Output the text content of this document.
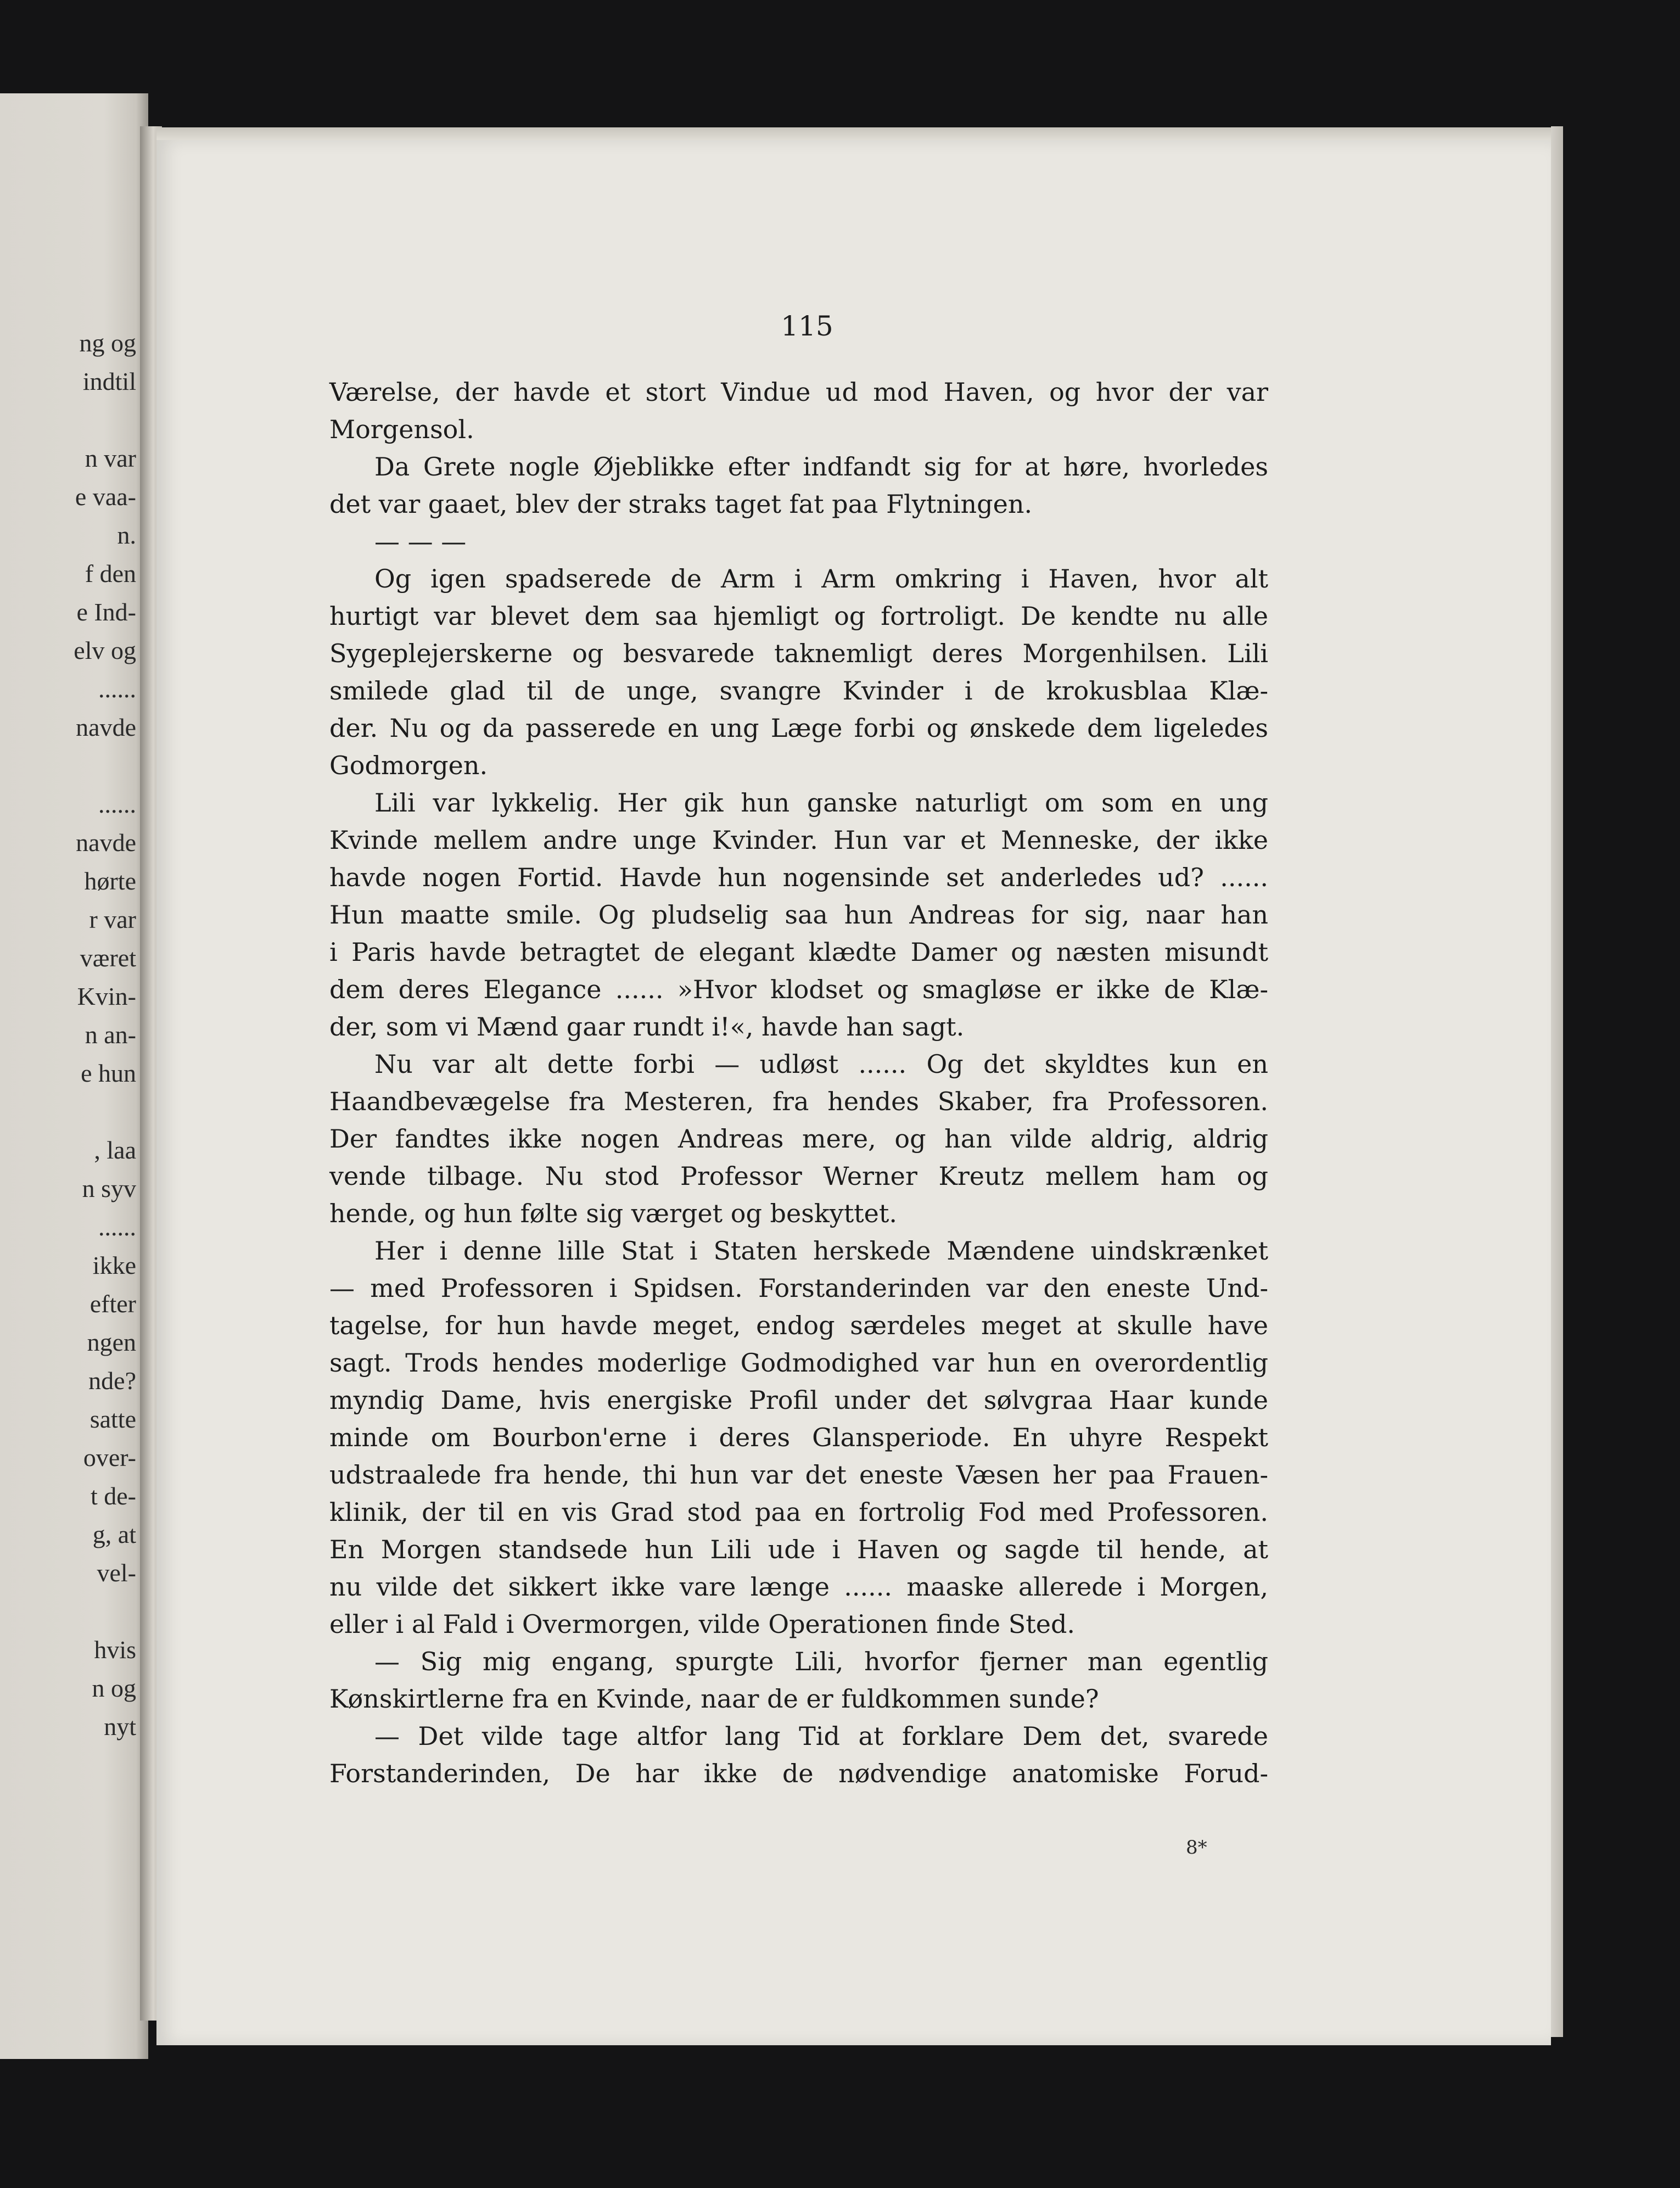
ng og
indtil
n var
e vaa-
n.
f den
e Ind-
elv og
......
navde
......
navde
hørte
r var
været
Kvin-
n an-
e hun
, laa
n syv
......
ikke
efter
ngen
nde?
satte
over-
t de-
g, at
vel-
hvis
n og
nyt
115
Værelse, der havde et stort Vindue ud mod Haven, og hvor der var
Morgensol.
Da Grete nogle Øjeblikke efter indfandt sig for at høre, hvorledes
det var gaaet, blev der straks taget fat paa Flytningen.
— — —
Og igen spadserede de Arm i Arm omkring i Haven, hvor alt
hurtigt var blevet dem saa hjemligt og fortroligt. De kendte nu alle
Sygeplejerskerne og besvarede taknemligt deres Morgenhilsen. Lili
smilede glad til de unge, svangre Kvinder i de krokusblaa Klæ-
der. Nu og da passerede en ung Læge forbi og ønskede dem ligeledes
Godmorgen.
Lili var lykkelig. Her gik hun ganske naturligt om som en ung
Kvinde mellem andre unge Kvinder. Hun var et Menneske, der ikke
havde nogen Fortid. Havde hun nogensinde set anderledes ud? ......
Hun maatte smile. Og pludselig saa hun Andreas for sig, naar han
i Paris havde betragtet de elegant klædte Damer og næsten misundt
dem deres Elegance ...... »Hvor klodset og smagløse er ikke de Klæ-
der, som vi Mænd gaar rundt i!«, havde han sagt.
Nu var alt dette forbi — udløst ...... Og det skyldtes kun en
Haandbevægelse fra Mesteren, fra hendes Skaber, fra Professoren.
Der fandtes ikke nogen Andreas mere, og han vilde aldrig, aldrig
vende tilbage. Nu stod Professor Werner Kreutz mellem ham og
hende, og hun følte sig værget og beskyttet.
Her i denne lille Stat i Staten herskede Mændene uindskrænket
— med Professoren i Spidsen. Forstanderinden var den eneste Und-
tagelse, for hun havde meget, endog særdeles meget at skulle have
sagt. Trods hendes moderlige Godmodighed var hun en overordentlig
myndig Dame, hvis energiske Profil under det sølvgraa Haar kunde
minde om Bourbon'erne i deres Glansperiode. En uhyre Respekt
udstraalede fra hende, thi hun var det eneste Væsen her paa Frauen-
klinik, der til en vis Grad stod paa en fortrolig Fod med Professoren.
En Morgen standsede hun Lili ude i Haven og sagde til hende, at
nu vilde det sikkert ikke vare længe ...... maaske allerede i Morgen,
eller i al Fald i Overmorgen, vilde Operationen finde Sted.
— Sig mig engang, spurgte Lili, hvorfor fjerner man egentlig
Kønskirtlerne fra en Kvinde, naar de er fuldkommen sunde?
— Det vilde tage altfor lang Tid at forklare Dem det, svarede
Forstanderinden, De har ikke de nødvendige anatomiske Forud-
8*
